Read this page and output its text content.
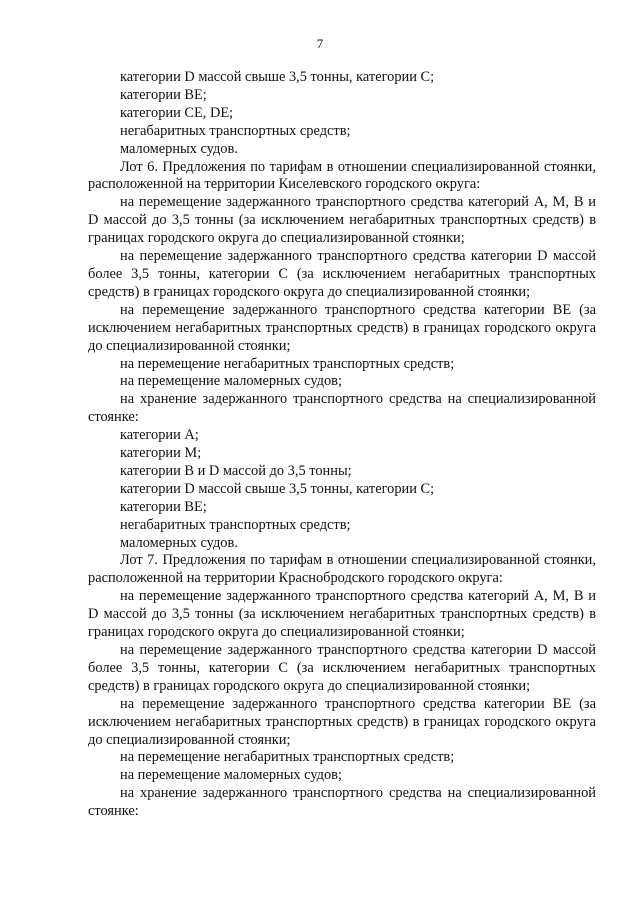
7

категории D массой свыше 3,5 тонны, категории С;

категории ВЕ;

категории СЕ, DЕ;

негабаритных транспортных средств;

маломерных судов.

Лот 6. Предложения по тарифам в отношении специализированной стоянки, расположенной на территории Киселевского городского округа:

на перемещение задержанного транспортного средства категорий А, М, В и D массой до 3,5 тонны (за исключением негабаритных транспортных средств) в границах городского округа до специализированной стоянки;

на перемещение задержанного транспортного средства категории D массой более 3,5 тонны, категории С (за исключением негабаритных транспортных средств) в границах городского округа до специализированной стоянки;

на перемещение задержанного транспортного средства категории ВЕ (за исключением негабаритных транспортных средств) в границах городского округа до специализированной стоянки;

на перемещение негабаритных транспортных средств;

на перемещение маломерных судов;

на хранение задержанного транспортного средства на специализированной стоянке:

категории А;

категории М;

категории В и D массой до 3,5 тонны;

категории D массой свыше 3,5 тонны, категории С;

категории ВЕ;

негабаритных транспортных средств;

маломерных судов.

Лот 7. Предложения по тарифам в отношении специализированной стоянки, расположенной на территории Краснобродского городского округа:

на перемещение задержанного транспортного средства категорий А, М, В и D массой до 3,5 тонны (за исключением негабаритных транспортных средств) в границах городского округа до специализированной стоянки;

на перемещение задержанного транспортного средства категории D массой более 3,5 тонны, категории С (за исключением негабаритных транспортных средств) в границах городского округа до специализированной стоянки;

на перемещение задержанного транспортного средства категории ВЕ (за исключением негабаритных транспортных средств) в границах городского округа до специализированной стоянки;

на перемещение негабаритных транспортных средств;

на перемещение маломерных судов;

на хранение задержанного транспортного средства на специализированной стоянке:
